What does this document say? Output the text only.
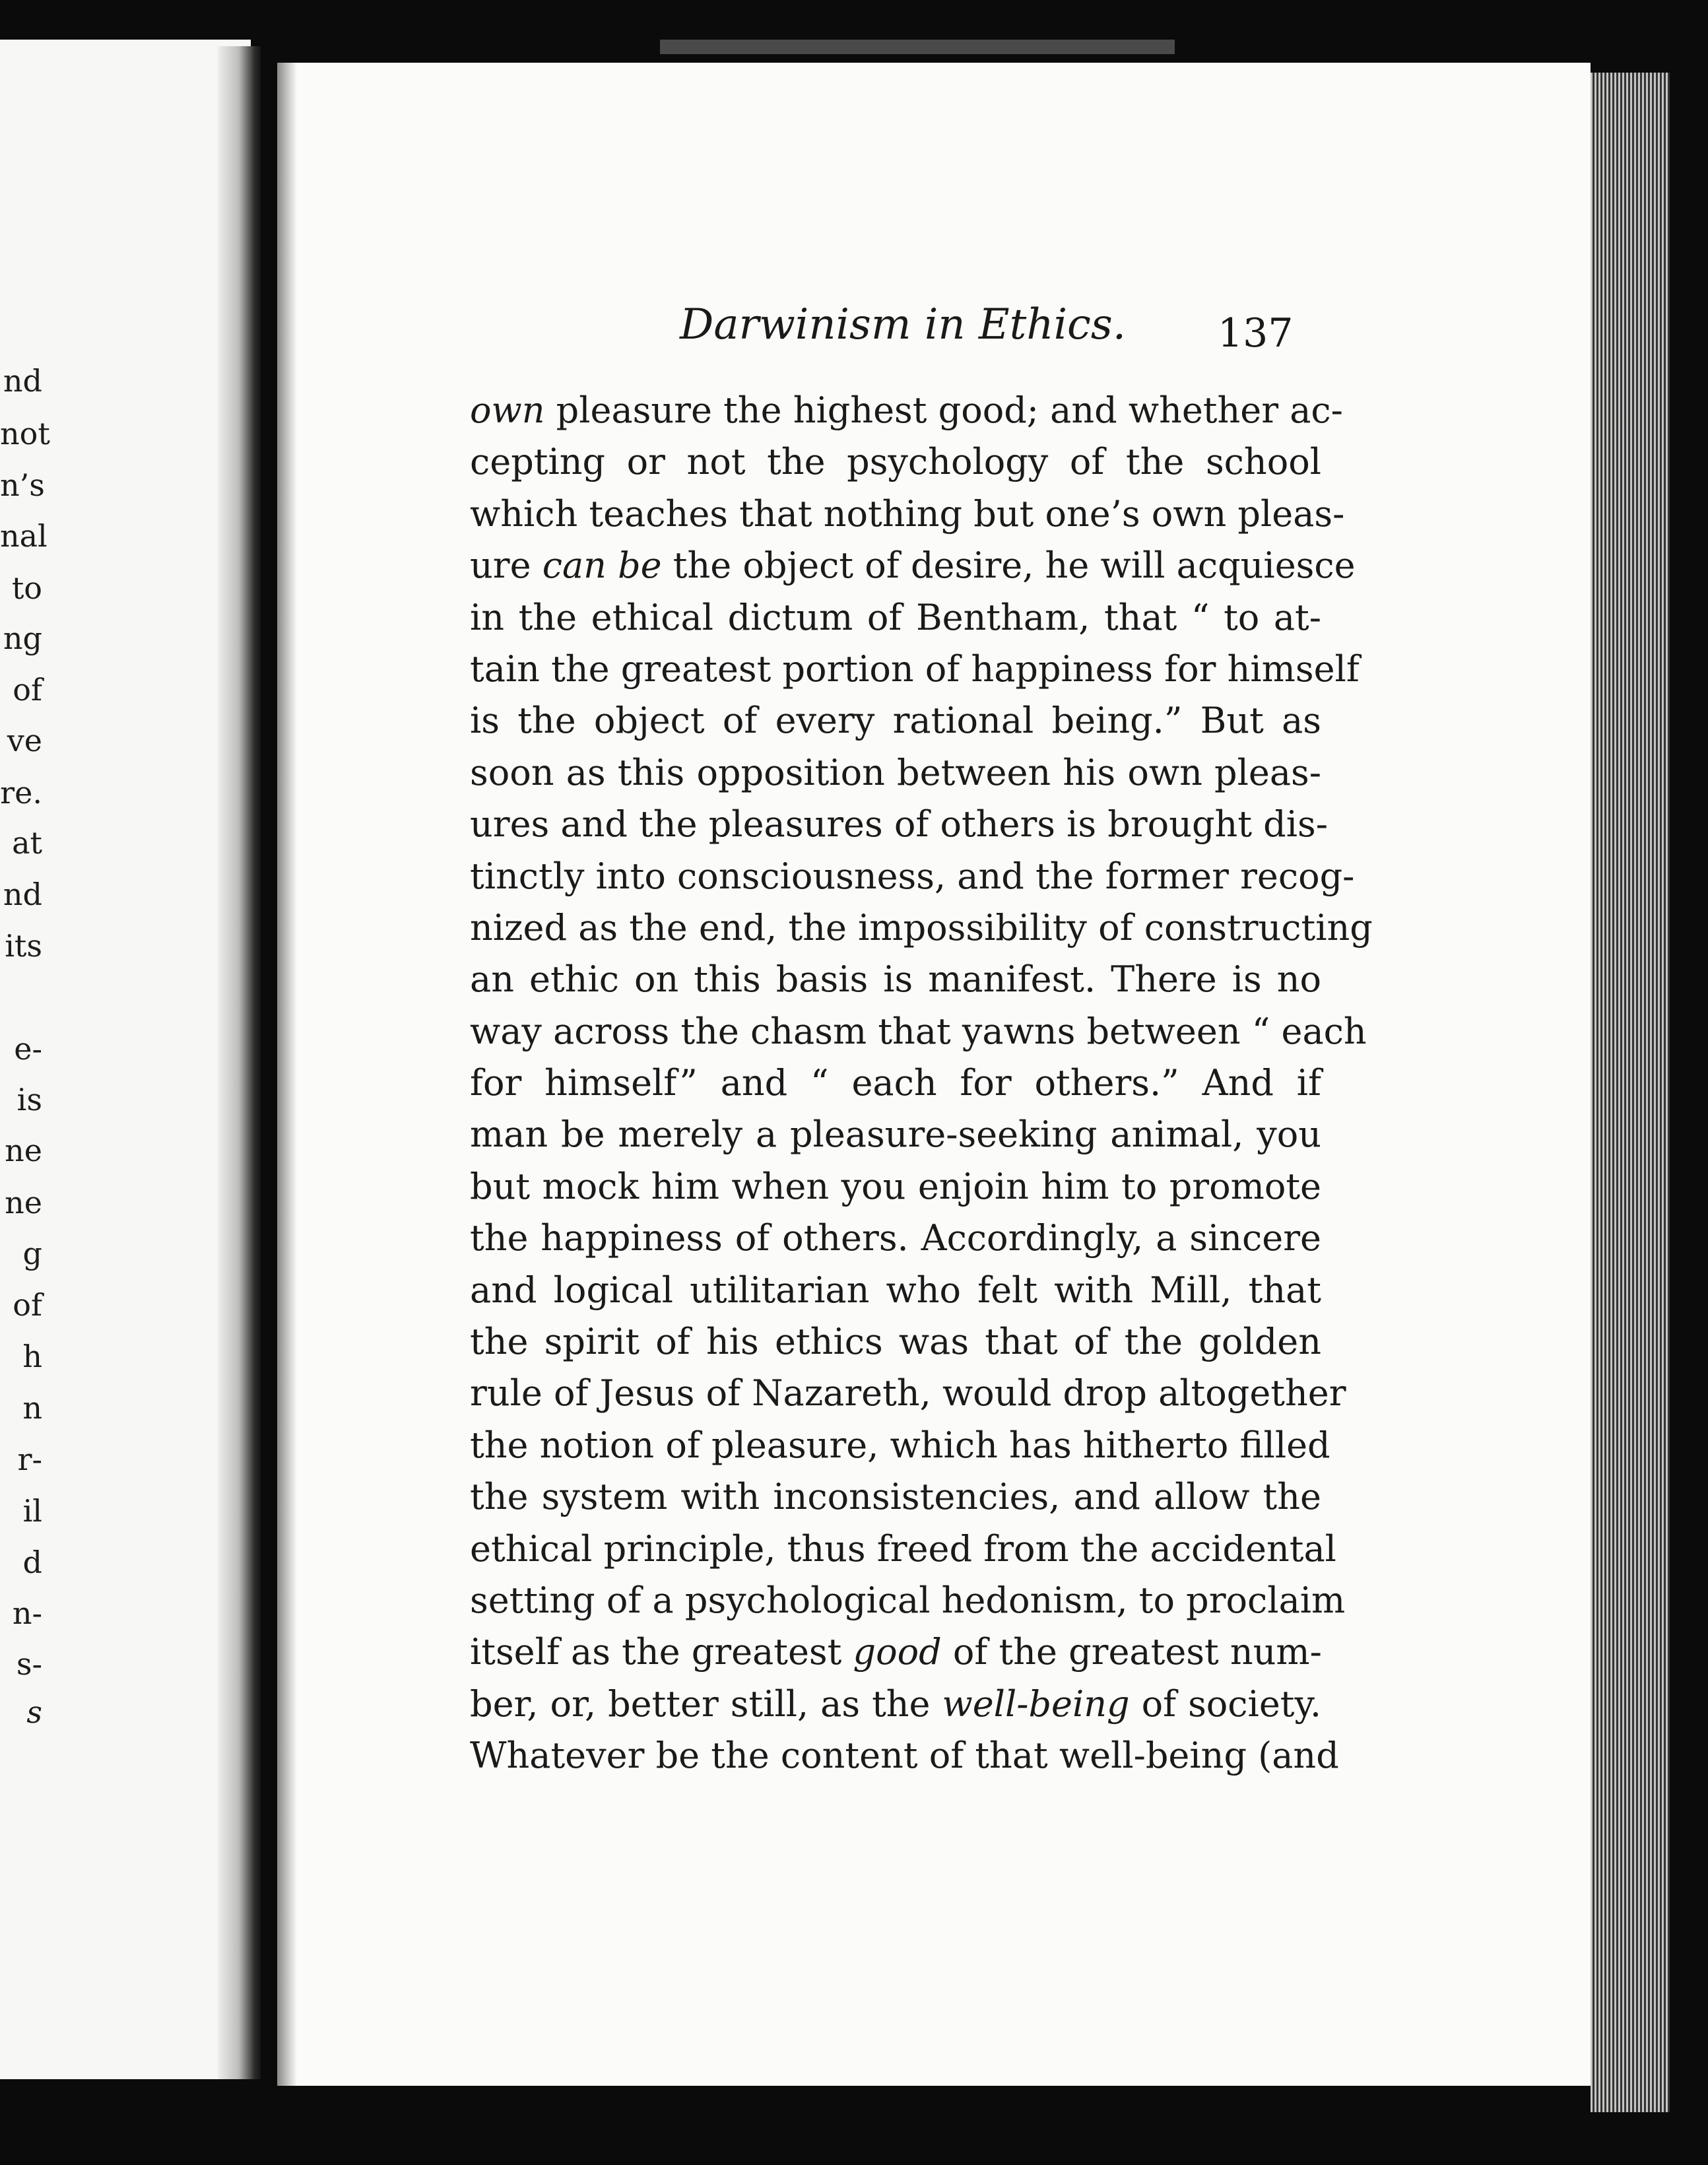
nd
not
n’s
nal
to
ng
of
ve
re.
at
nd
its
e-
is
ne
ne
g
of
h
n
r-
il
d
n-
s-
s
Darwinism in Ethics.	137
own pleasure the highest good; and whether ac-
cepting or not the psychology of the school
which teaches that nothing but one’s own pleas-
ure can be the object of desire, he will acquiesce
in the ethical dictum of Bentham, that “ to at-
tain the greatest portion of happiness for himself
is the object of every rational being.” But as
soon as this opposition between his own pleas-
ures and the pleasures of others is brought dis-
tinctly into consciousness, and the former recog-
nized as the end, the impossibility of constructing
an ethic on this basis is manifest. There is no
way across the chasm that yawns between “ each
for himself” and “ each for others.” And if
man be merely a pleasure-seeking animal, you
but mock him when you enjoin him to promote
the happiness of others. Accordingly, a sincere
and logical utilitarian who felt with Mill, that
the spirit of his ethics was that of the golden
rule of Jesus of Nazareth, would drop altogether
the notion of pleasure, which has hitherto filled
the system with inconsistencies, and allow the
ethical principle, thus freed from the accidental
setting of a psychological hedonism, to proclaim
itself as the greatest good of the greatest num-
ber, or, better still, as the well-being of society.
Whatever be the content of that well-being (and
